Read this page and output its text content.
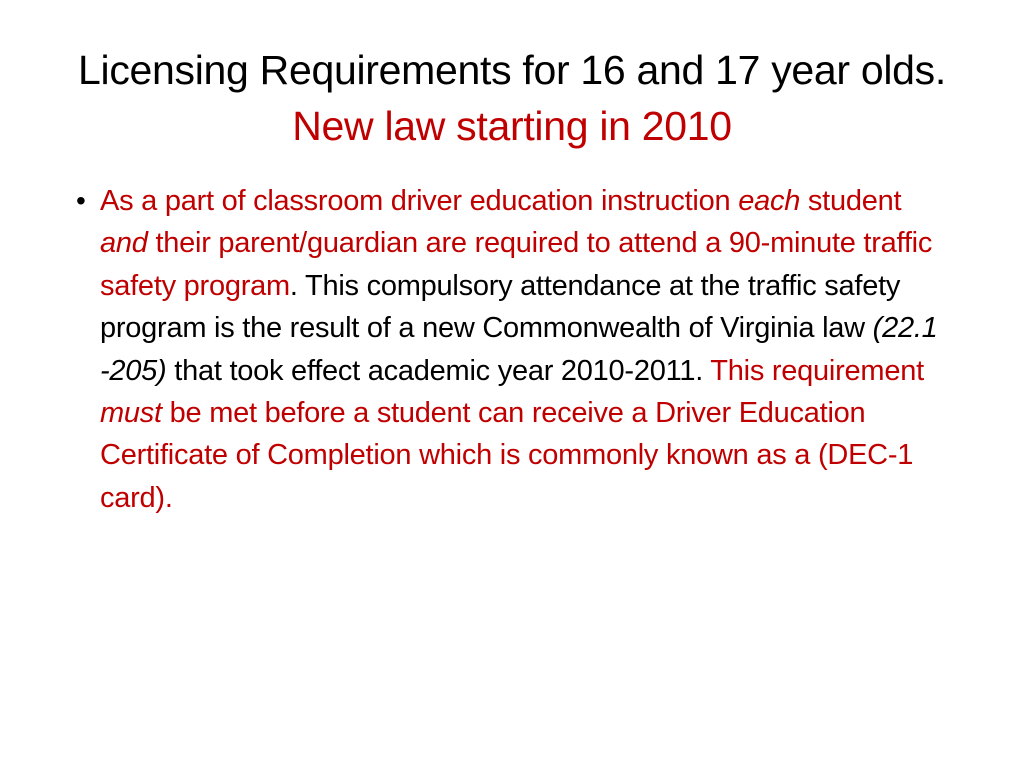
Licensing Requirements for 16 and 17 year olds. New law starting in 2010
• As a part of classroom driver education instruction each student and their parent/guardian are required to attend a 90-minute traffic safety program. This compulsory attendance at the traffic safety program is the result of a new Commonwealth of Virginia law (22.1 -205) that took effect academic year 2010-2011. This requirement must be met before a student can receive a Driver Education Certificate of Completion which is commonly known as a (DEC-1 card).
